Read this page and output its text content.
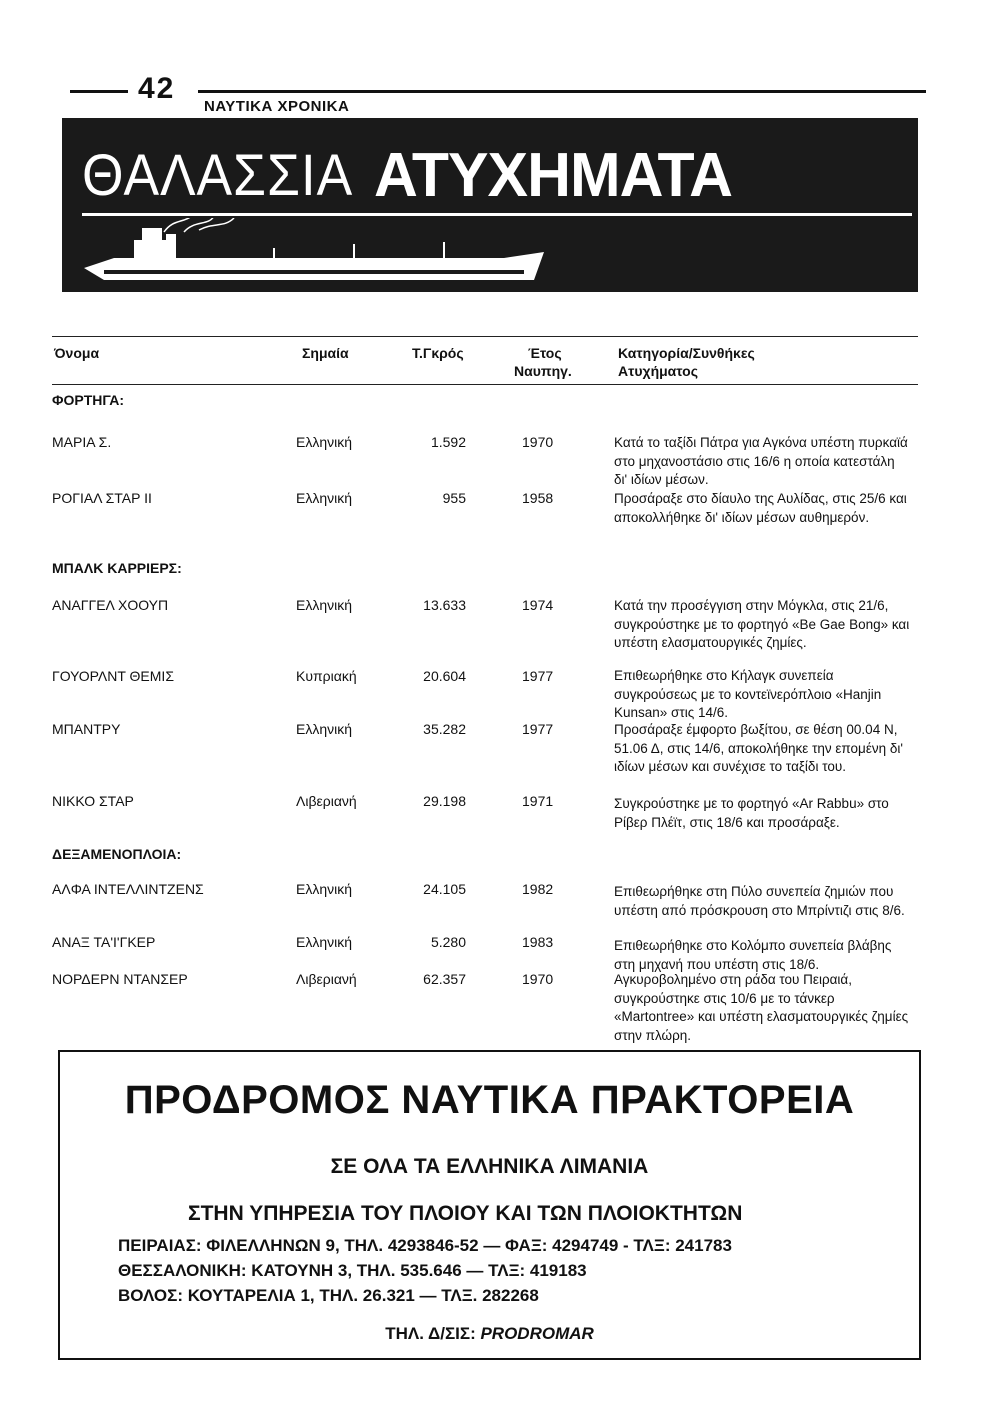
42
ΝΑΥΤΙΚΑ ΧΡΟΝΙΚΑ
ΘΑΛΑΣΣΙΑ ΑΤΥΧΗΜΑΤΑ
Όνομα	Σημαία	Τ.Γκρός	Έτος
Ναυπηγ.
Κατηγορία/Συνθήκες
Ατυχήματος
ΦΟΡΤΗΓΑ:
ΜΑΡΙΑ Σ.	Ελληνική	1.592	1970	Κατά το ταξίδι Πάτρα για Αγκόνα υπέστη πυρκαϊά στο μηχανοστάσιο στις 16/6 η οποία κατεστάλη δι' ιδίων μέσων.
ΡΟΓΙΑΛ ΣΤΑΡ ΙΙ	Ελληνική	955	1958	Προσάραξε στο δίαυλο της Αυλίδας, στις 25/6 και αποκολλήθηκε δι' ιδίων μέσων αυθημερόν.
ΜΠΑΛΚ ΚΑΡΡΙΕΡΣ:
ΑΝΑΓΓΕΛ ΧΟΟΥΠ	Ελληνική	13.633	1974	Κατά την προσέγγιση στην Μόγκλα, στις 21/6, συγκρούστηκε με το φορτηγό «Be Gae Bong» και υπέστη ελασματουργικές ζημίες.
ΓΟΥΟΡΛΝΤ ΘΕΜΙΣ	Κυπριακή	20.604	1977	Επιθεωρήθηκε στο Κήλαγκ συνεπεία συγκρούσεως με το κοντεϊνερόπλοιο «Hanjin Kunsan» στις 14/6.
ΜΠΑΝΤΡΥ	Ελληνική	35.282	1977	Προσάραξε έμφορτο βωξίτου, σε θέση 00.04 Ν, 51.06 Δ, στις 14/6, αποκολήθηκε την επομένη δι' ιδίων μέσων και συνέχισε το ταξίδι του.
ΝΙΚΚΟ ΣΤΑΡ	Λιβεριανή	29.198	1971	Συγκρούστηκε με το φορτηγό «Ar Rabbu» στο Ρίβερ Πλέϊτ, στις 18/6 και προσάραξε.
ΔΕΞΑΜΕΝΟΠΛΟΙΑ:
ΑΛΦΑ ΙΝΤΕΛΛΙΝΤΖΕΝΣ	Ελληνική	24.105	1982	Επιθεωρήθηκε στη Πύλο συνεπεία ζημιών που υπέστη από πρόσκρουση στο Μπρίντιζι στις 8/6.
ΑΝΑΞ ΤΑ'Ι'ΓΚΕΡ	Ελληνική	5.280	1983	Επιθεωρήθηκε στο Κολόμπο συνεπεία βλάβης στη μηχανή που υπέστη στις 18/6.
ΝΟΡΔΕΡΝ ΝΤΑΝΣΕΡ	Λιβεριανή	62.357	1970	Αγκυροβολημένο στη ράδα του Πειραιά, συγκρούστηκε στις 10/6 με το τάνκερ «Martontree» και υπέστη ελασματουργικές ζημίες στην πλώρη.
ΠΡΟΔΡΟΜΟΣ ΝΑΥΤΙΚΑ ΠΡΑΚΤΟΡΕΙΑ
ΣΕ ΟΛΑ ΤΑ ΕΛΛΗΝΙΚΑ ΛΙΜΑΝΙΑ
ΣΤΗΝ ΥΠΗΡΕΣΙΑ ΤΟΥ ΠΛΟΙΟΥ ΚΑΙ ΤΩΝ ΠΛΟΙΟΚΤΗΤΩΝ
ΠΕΙΡΑΙΑΣ: ΦΙΛΕΛΛΗΝΩΝ 9, ΤΗΛ. 4293846-52 — ΦΑΞ: 4294749 - ΤΛΞ: 241783
ΘΕΣΣΑΛΟΝΙΚΗ: ΚΑΤΟΥΝΗ 3, ΤΗΛ. 535.646 — ΤΛΞ: 419183
ΒΟΛΟΣ: ΚΟΥΤΑΡΕΛΙΑ 1, ΤΗΛ. 26.321 — ΤΛΞ. 282268
ΤΗΛ. Δ/ΣΙΣ: PRODROMAR
